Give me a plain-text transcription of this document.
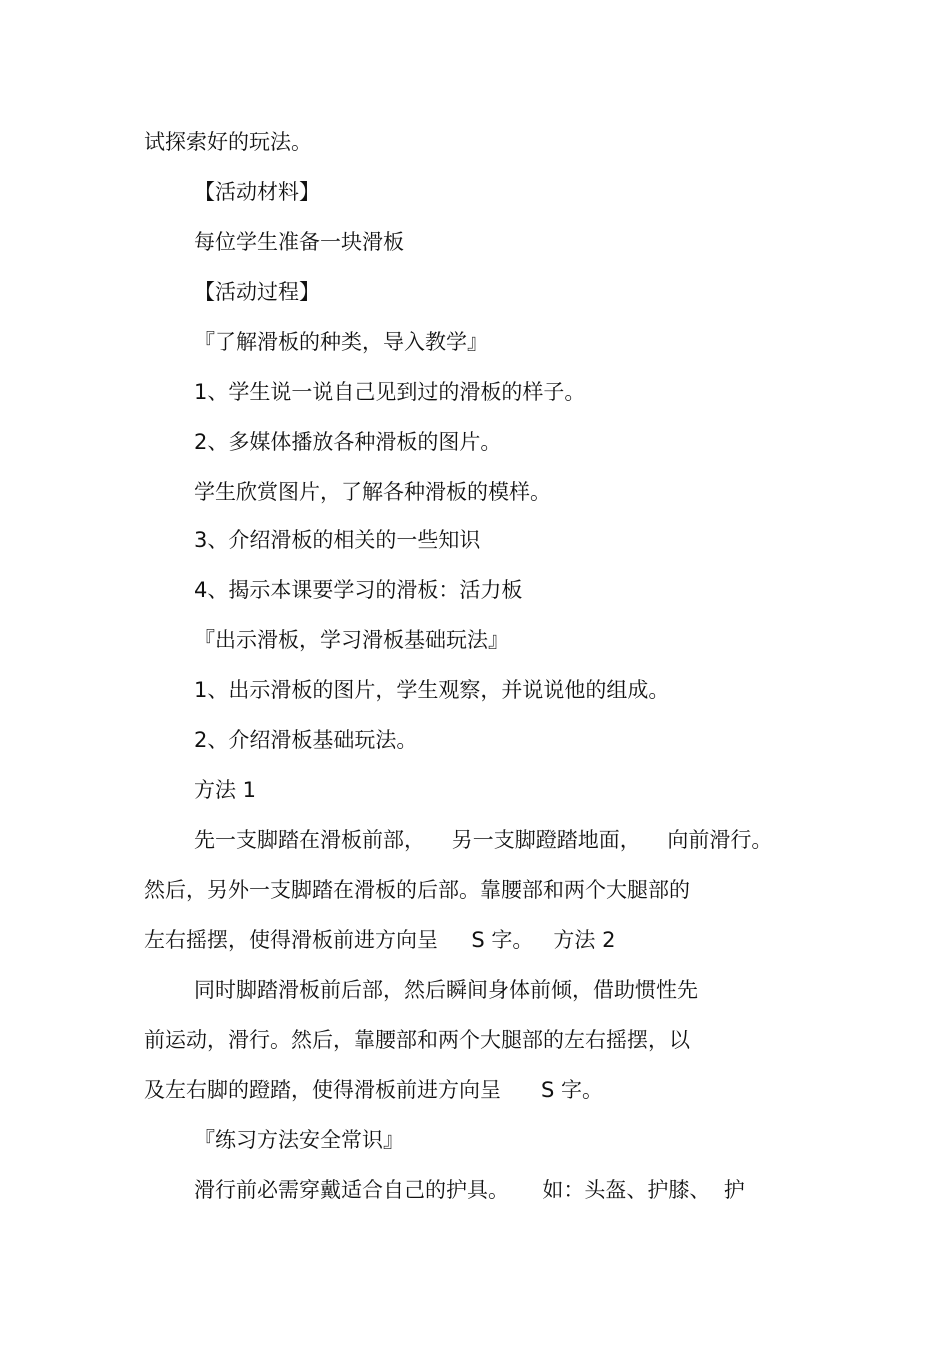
试探索好的玩法。
【活动材料】
每位学生准备一块滑板
【活动过程】
『了解滑板的种类，导入教学』
1、学生说一说自己见到过的滑板的样子。
2、多媒体播放各种滑板的图片。
学生欣赏图片，了解各种滑板的模样。
3、介绍滑板的相关的一些知识
4、揭示本课要学习的滑板：活力板
『出示滑板，学习滑板基础玩法』
1、出示滑板的图片，学生观察，并说说他的组成。
2、介绍滑板基础玩法。
方法 1
先一支脚踏在滑板前部，    另一支脚蹬踏地面，    向前滑行。
然后，另外一支脚踏在滑板的后部。靠腰部和两个大腿部的
左右摇摆，使得滑板前进方向呈     S 字。   方法 2
同时脚踏滑板前后部，然后瞬间身体前倾，借助惯性先
前运动，滑行。然后，靠腰部和两个大腿部的左右摇摆，以
及左右脚的蹬踏，使得滑板前进方向呈      S 字。
『练习方法安全常识』
滑行前必需穿戴适合自己的护具。     如：头盔、护膝、  护
